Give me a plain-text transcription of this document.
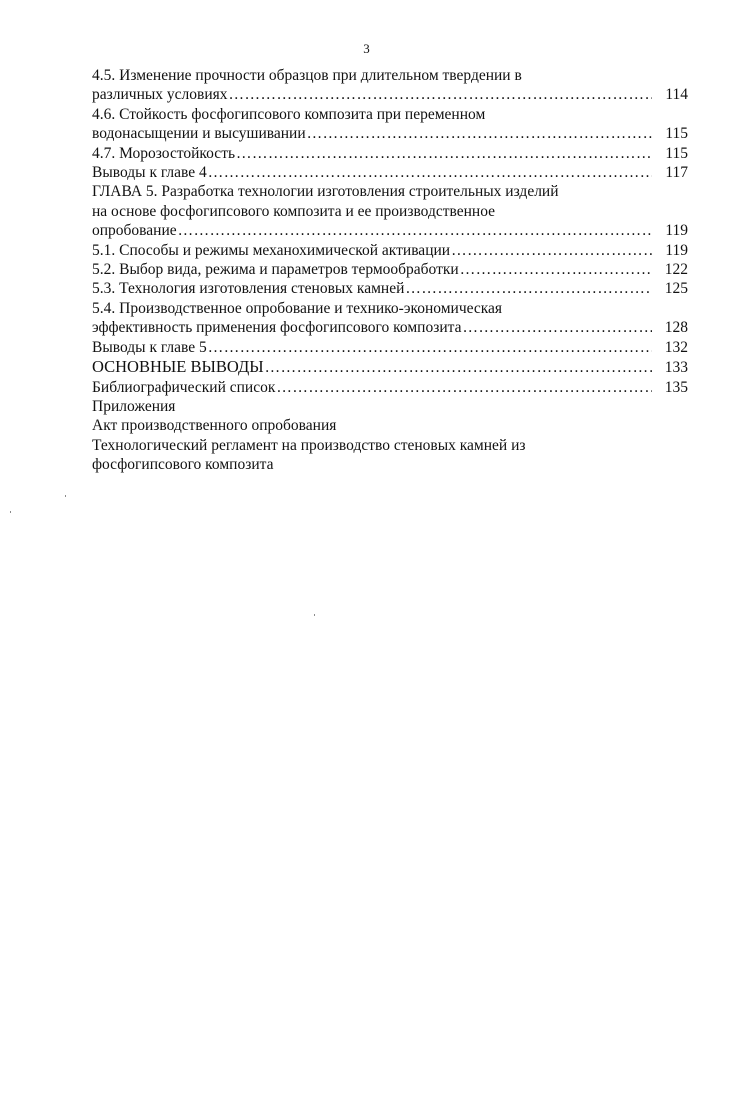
3
4.5. Изменение прочности образцов при длительном твердении в
различных условиях ……………………………………………………………………………………………………………………………………………………………………	114
4.6. Стойкость фосфогипсового композита при переменном
водонасыщении и высушивании ……………………………………………………………………………………………………………………………………………………………………	115
4.7. Морозостойкость ……………………………………………………………………………………………………………………………………………………………………	115
Выводы к главе 4 ……………………………………………………………………………………………………………………………………………………………………	117
ГЛАВА 5. Разработка технологии изготовления строительных изделий
на основе фосфогипсового композита и ее производственное
опробование ……………………………………………………………………………………………………………………………………………………………………	119
5.1. Способы и режимы механохимической активации ……………………………………………………………………………………………………………………………………………………………………	119
5.2. Выбор вида, режима и параметров термообработки ……………………………………………………………………………………………………………………………………………………………………	122
5.3. Технология изготовления стеновых камней ……………………………………………………………………………………………………………………………………………………………………	125
5.4. Производственное опробование и технико-экономическая
эффективность применения фосфогипсового композита ……………………………………………………………………………………………………………………………………………………………………	128
Выводы к главе 5 ……………………………………………………………………………………………………………………………………………………………………	132
ОСНОВНЫЕ ВЫВОДЫ ……………………………………………………………………………………………………………………………………………………………………	133
Библиографический список ……………………………………………………………………………………………………………………………………………………………………	135
Приложения
Акт производственного опробования
Технологический регламент на производство стеновых камней из
фосфогипсового композита
